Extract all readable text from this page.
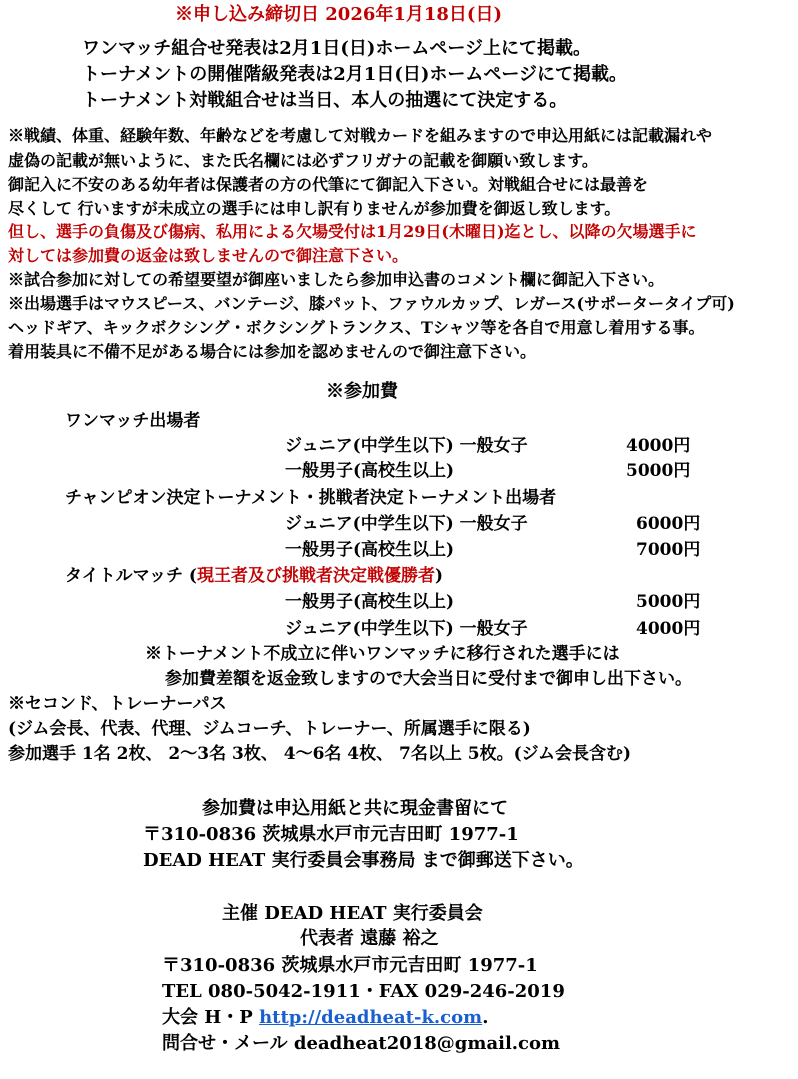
※申し込み締切日 2026年1月18日(日)
ワンマッチ組合せ発表は2月1日(日)ホームページ上にて掲載。
トーナメントの開催階級発表は2月1日(日)ホームページにて掲載。
トーナメント対戦組合せは当日、本人の抽選にて決定する。
※戦績、体重、経験年数、年齢などを考慮して対戦カードを組みますので申込用紙には記載漏れや
虚偽の記載が無いように、また氏名欄には必ずフリガナの記載を御願い致します。
御記入に不安のある幼年者は保護者の方の代筆にて御記入下さい。対戦組合せには最善を
尽くして 行いますが未成立の選手には申し訳有りませんが参加費を御返し致します。
但し、選手の負傷及び傷病、私用による欠場受付は1月29日(木曜日)迄とし、以降の欠場選手に
対しては参加費の返金は致しませんので御注意下さい。
※試合参加に対しての希望要望が御座いましたら参加申込書のコメント欄に御記入下さい。
※出場選手はマウスピース、バンテージ、膝パット、ファウルカップ、レガース(サポータータイプ可)
ヘッドギア、キックボクシング・ボクシングトランクス、Tシャツ等を各自で用意し着用する事。
着用装具に不備不足がある場合には参加を認めませんので御注意下さい。
※参加費
ワンマッチ出場者
ジュニア(中学生以下) 一般女子	4000円
一般男子(高校生以上)	5000円
チャンピオン決定トーナメント・挑戦者決定トーナメント出場者
ジュニア(中学生以下) 一般女子	6000円
一般男子(高校生以上)	7000円
タイトルマッチ (現王者及び挑戦者決定戦優勝者)
一般男子(高校生以上)	5000円
ジュニア(中学生以下) 一般女子	4000円
※トーナメント不成立に伴いワンマッチに移行された選手には
参加費差額を返金致しますので大会当日に受付まで御申し出下さい。
※セコンド、トレーナーパス
(ジム会長、代表、代理、ジムコーチ、トレーナー、所属選手に限る)
参加選手 1名 2枚、 2〜3名 3枚、 4〜6名 4枚、 7名以上 5枚。(ジム会長含む)
参加費は申込用紙と共に現金書留にて
〒310-0836 茨城県水戸市元吉田町 1977-1
DEAD HEAT 実行委員会事務局 まで御郵送下さい。
主催 DEAD HEAT 実行委員会
代表者 遠藤 裕之
〒310-0836 茨城県水戸市元吉田町 1977-1
TEL 080-5042-1911・FAX 029-246-2019
大会 H・P http://deadheat-k.com.
問合せ・メール deadheat2018@gmail.com
